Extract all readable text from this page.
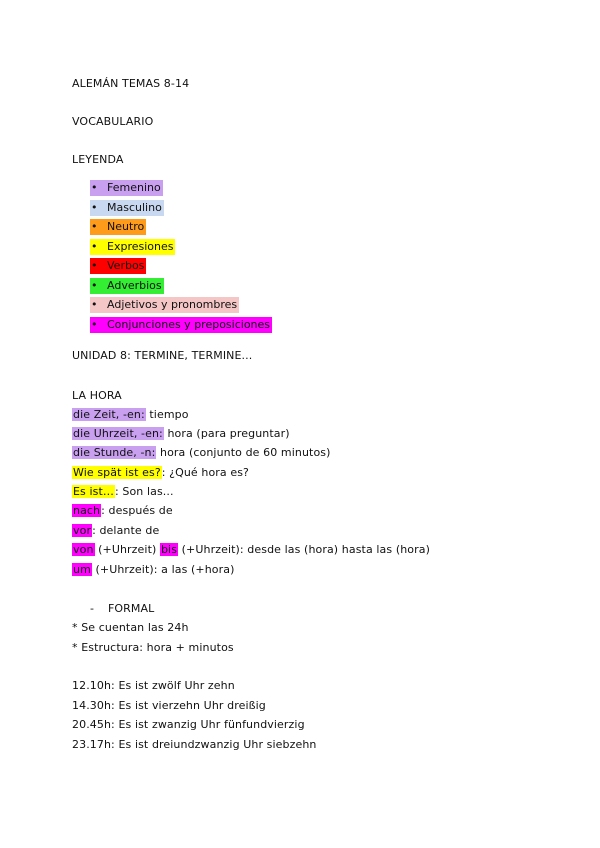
ALEMÁN TEMAS 8-14
VOCABULARIO
LEYENDA
• Femenino
• Masculino
• Neutro
• Expresiones
• Verbos
• Adverbios
• Adjetivos y pronombres
• Conjunciones y preposiciones
UNIDAD 8: TERMINE, TERMINE...
LA HORA
die Zeit, -en: tiempo
die Uhrzeit, -en: hora (para preguntar)
die Stunde, -n: hora (conjunto de 60 minutos)
Wie spät ist es?: ¿Qué hora es?
Es ist…: Son las...
nach: después de
vor: delante de
von (+Uhrzeit) bis (+Uhrzeit): desde las (hora) hasta las (hora)
um (+Uhrzeit): a las (+hora)
- FORMAL
* Se cuentan las 24h
* Estructura: hora + minutos
12.10h: Es ist zwölf Uhr zehn
14.30h: Es ist vierzehn Uhr dreißig
20.45h: Es ist zwanzig Uhr fünfundvierzig
23.17h: Es ist dreiundzwanzig Uhr siebzehn
